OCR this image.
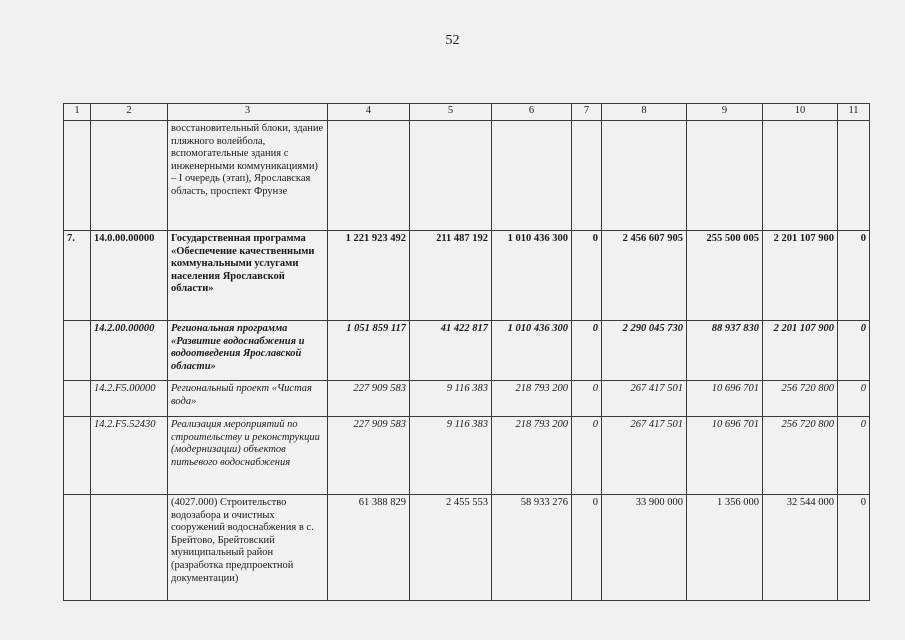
52
1	2	3	4	5	6	7	8	9	10	11
		восстановительный блоки, здание пляжного волейбола, вспомогательные здания с инженерными коммуникациями) – I очередь (этап), Ярославская область, проспект Фрунзе								
7.	14.0.00.00000	Государственная программа «Обеспечение качественными коммунальными услугами населения Ярославской области»	1 221 923 492	211 487 192	1 010 436 300	0	2 456 607 905	255 500 005	2 201 107 900	0
	14.2.00.00000	Региональная программа «Развитие водоснабжения и водоотведения Ярославской области»	1 051 859 117	41 422 817	1 010 436 300	0	2 290 045 730	88 937 830	2 201 107 900	0
	14.2.F5.00000	Региональный проект «Чистая вода»	227 909 583	9 116 383	218 793 200	0	267 417 501	10 696 701	256 720 800	0
	14.2.F5.52430	Реализация мероприятий по строительству и реконструкции (модернизации) объектов питьевого водоснабжения	227 909 583	9 116 383	218 793 200	0	267 417 501	10 696 701	256 720 800	0
		(4027.000) Строительство водозабора и очистных сооружений водоснабжения в с. Брейтово, Брейтовский муниципальный район (разработка предпроектной документации)	61 388 829	2 455 553	58 933 276	0	33 900 000	1 356 000	32 544 000	0
